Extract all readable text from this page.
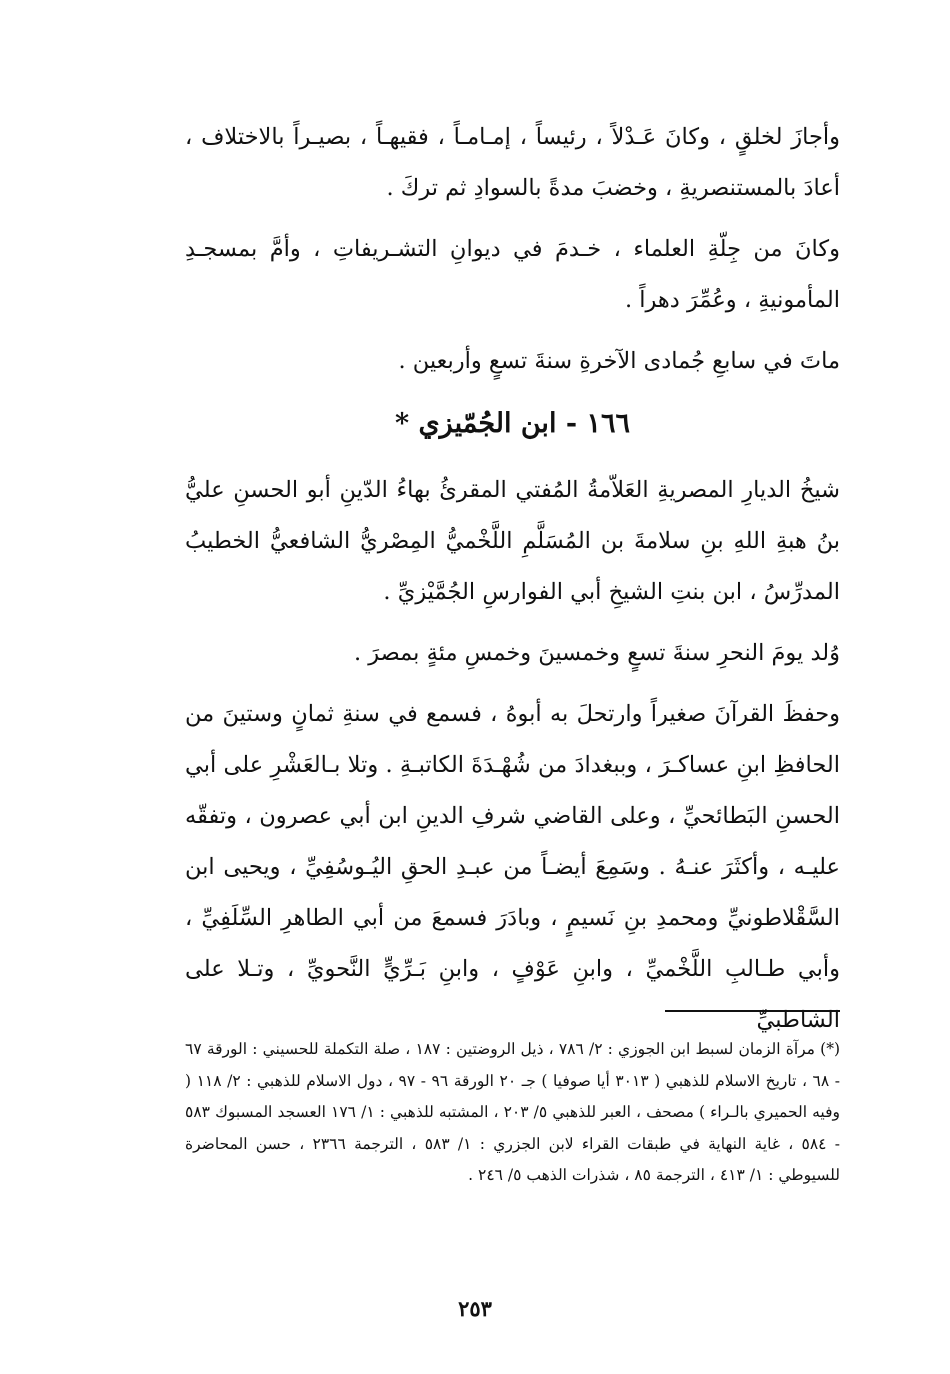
وأجازَ لخلقٍ ، وكانَ عَـدْلاً ، رئيساً ، إمـامـاً ، فقيهـاً ، بصيـراً بالاختلاف ، أعادَ بالمستنصريةِ ، وخضبَ مدةً بالسوادِ ثم تركَ .

وكانَ من جِلّةِ العلماء ، خـدمَ في ديوانِ التشـريفاتِ ، وأمَّ بمسجـدِ المأمونيةِ ، وعُمِّرَ دهراً .

ماتَ في سابعِ جُمادى الآخرةِ سنةَ تسعٍ وأربعين .

١٦٦ - ابن الجُمّيزي *

شيخُ الديارِ المصريةِ العَلاّمةُ المُفتي المقرئُ بهاءُ الدّينِ أبو الحسنِ عليُّ بنُ هبةِ اللهِ بنِ سلامةَ بن المُسَلَّمِ اللَّخْميُّ المِصْريُّ الشافعيُّ الخطيبُ المدرِّسُ ، ابن بنتِ الشيخِ أبي الفوارسِ الجُمَّيْزيِّ .

وُلد يومَ النحرِ سنةَ تسعٍ وخمسينَ وخمسِ مئةٍ بمصرَ .

وحفظَ القرآنَ صغيراً وارتحلَ به أبوهُ ، فسمع في سنةِ ثمانٍ وستينَ من الحافظِ ابنِ عساكـرَ ، وببغدادَ من شُهْـدَةَ الكاتبـةِ . وتلا بـالعَشْرِ على أبي الحسنِ البَطائحيِّ ، وعلى القاضي شرفِ الدينِ ابن أبي عصرون ، وتفقّه عليـه ، وأكثَرَ عنـهُ . وسَمِعَ أيضـاً من عبـدِ الحقِ اليُـوسُفِيِّ ، ويحيى ابن السَّقْلاطونيِّ ومحمدِ بنِ نَسيمٍ ، وبادَرَ فسمعَ من أبي الطاهرِ السِّلَفِيِّ ، وأبي طـالبِ اللَّخْميِّ ، وابنِ عَوْفٍ ، وابنِ بَـرِّيٍّ النَّحويِّ ، وتـلا على الشاطبيِّ

(*) مرآة الزمان لسبط ابن الجوزي : ٢/ ٧٨٦ ، ذيل الروضتين : ١٨٧ ، صلة التكملة للحسيني : الورقة ٦٧ - ٦٨ ، تاريخ الاسلام للذهبي ( ٣٠١٣ أيا صوفيا ) جـ ٢٠ الورقة ٩٦ - ٩٧ ، دول الاسلام للذهبي : ٢/ ١١٨ ( وفيه الحميري بالـراء ) مصحف ، العبر للذهبي ٥/ ٢٠٣ ، المشتبه للذهبي : ١/ ١٧٦ العسجد المسبوك ٥٨٣ - ٥٨٤ ، غاية النهاية في طبقات القراء لابن الجزري : ١/ ٥٨٣ ، الترجمة ٢٣٦٦ ، حسن المحاضرة للسيوطي : ١/ ٤١٣ ، الترجمة ٨٥ ، شذرات الذهب ٥/ ٢٤٦ .

٢٥٣
